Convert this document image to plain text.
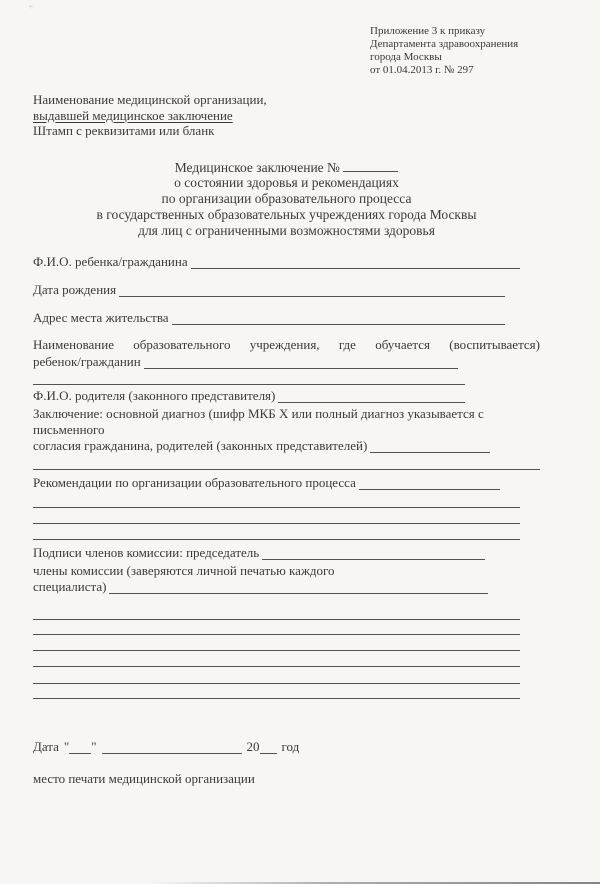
+
Приложение 3 к приказу
Департамента здравоохранения
города Москвы
от 01.04.2013 г. № 297
Наименование медицинской организации,
выдавшей медицинское заключение
Штамп с реквизитами или бланк
Медицинское заключение №
о состоянии здоровья и рекомендациях
по организации образовательного процесса
в государственных образовательных учреждениях города Москвы
для лиц с ограниченными возможностями здоровья
Ф.И.О. ребенка/гражданина
Дата рождения
Адрес места жительства
Наименование образовательного учреждения, где обучается (воспитывается)
ребенок/гражданин
Ф.И.О. родителя (законного представителя)
Заключение: основной диагноз (шифр МКБ X или полный диагноз указывается с письменного
согласия гражданина, родителей (законных представителей)
Рекомендации по организации образовательного процесса
Подписи членов комиссии: председатель
члены комиссии (заверяются личной печатью каждого
специалиста)
Дата " "	20 год
место печати медицинской организации
